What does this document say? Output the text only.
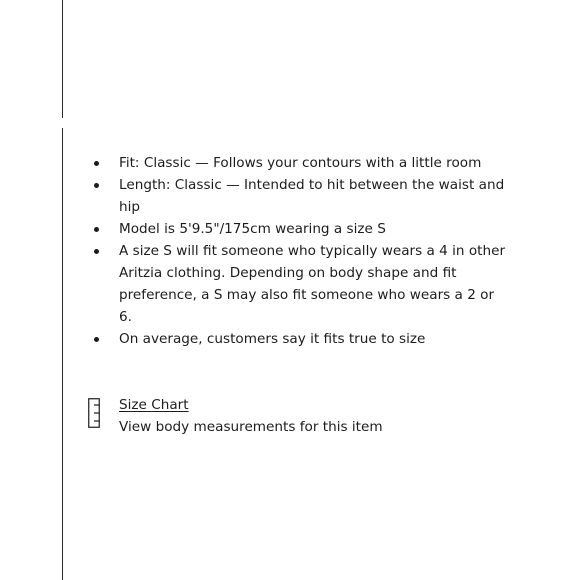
Fit: Classic — Follows your contours with a little room
Length: Classic — Intended to hit between the waist and hip
Model is 5'9.5"/175cm wearing a size S
A size S will fit someone who typically wears a 4 in other Aritzia clothing. Depending on body shape and fit preference, a S may also fit someone who wears a 2 or 6.
On average, customers say it fits true to size
Size Chart
View body measurements for this item
